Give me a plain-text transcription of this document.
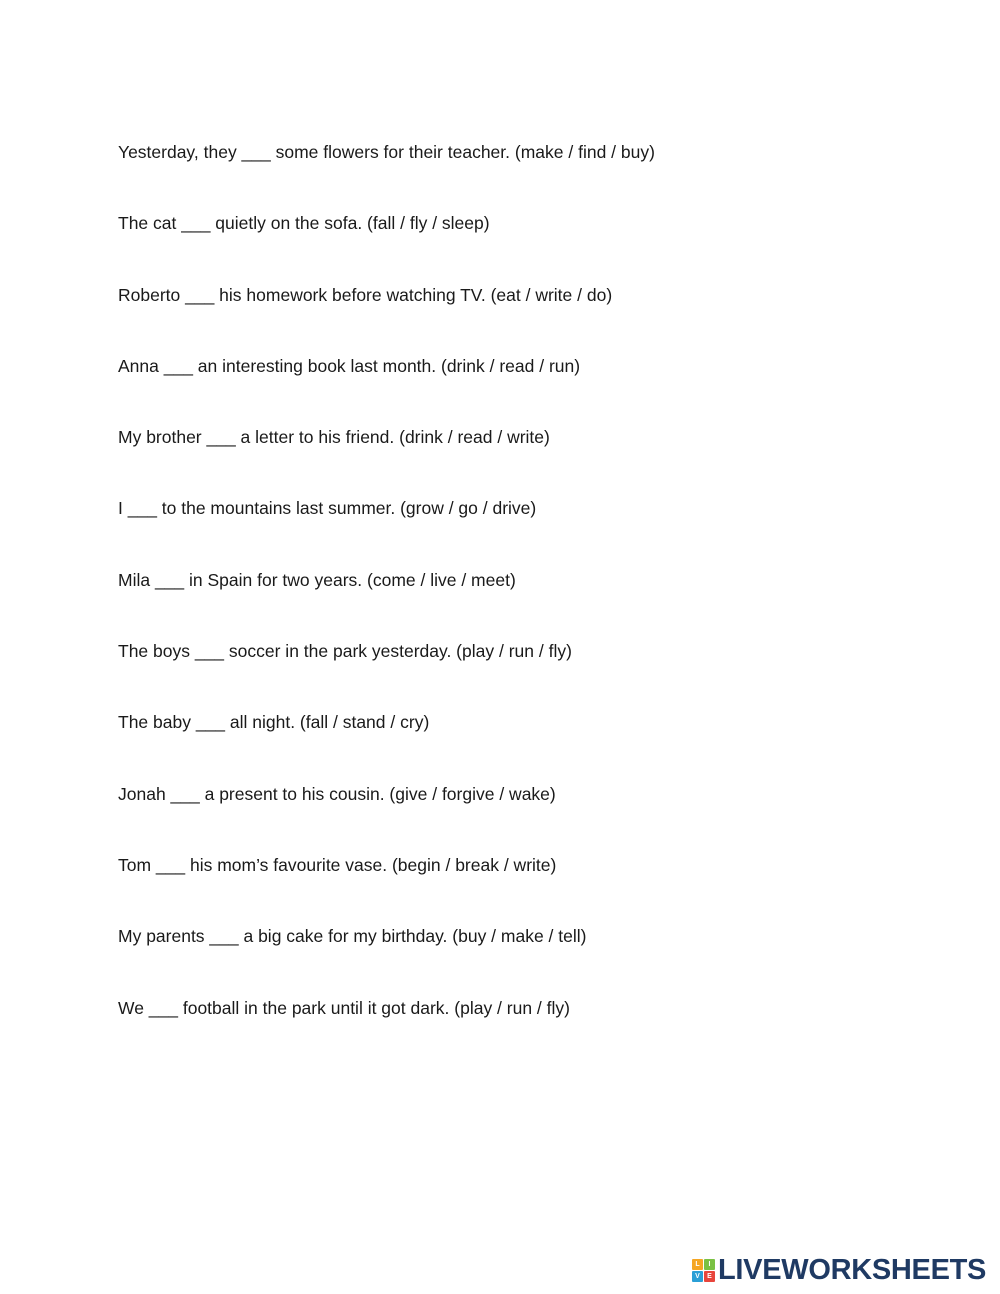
Yesterday, they ___ some flowers for their teacher. (make / find / buy)
The cat ___ quietly on the sofa. (fall / fly / sleep)
Roberto ___ his homework before watching TV. (eat / write / do)
Anna ___ an interesting book last month. (drink / read / run)
My brother ___ a letter to his friend. (drink / read / write)
I ___ to the mountains last summer. (grow / go / drive)
Mila ___ in Spain for two years. (come / live / meet)
The boys ___ soccer in the park yesterday. (play / run / fly)
The baby ___ all night. (fall / stand / cry)
Jonah ___ a present to his cousin. (give / forgive / wake)
Tom ___ his mom’s favourite vase. (begin / break / write)
My parents ___ a big cake for my birthday. (buy / make / tell)
We ___ football in the park until it got dark. (play / run / fly)
L	I
V	E LIVEWORKSHEETS
